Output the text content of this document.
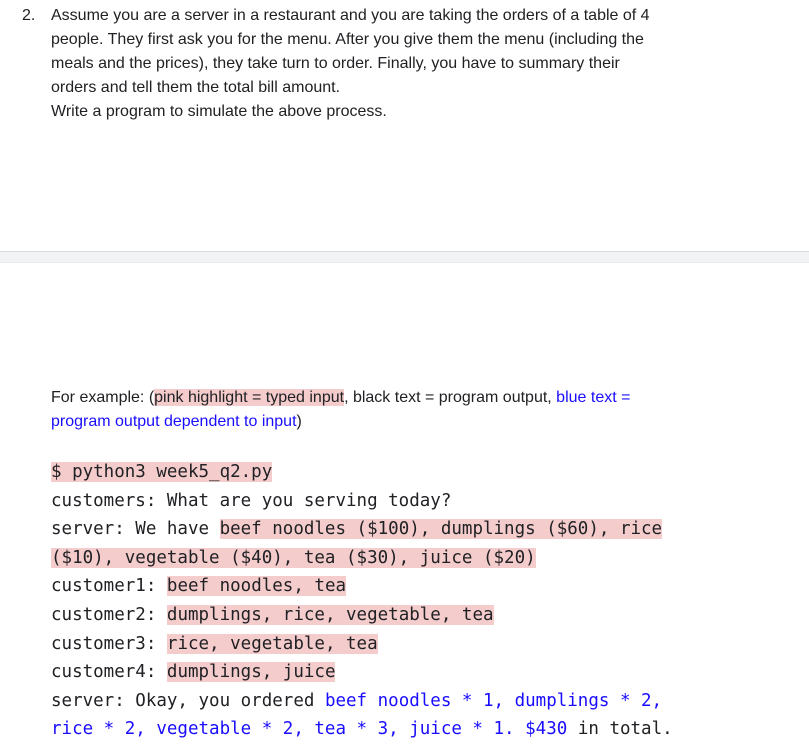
2. Assume you are a server in a restaurant and you are taking the orders of a table of 4
people. They first ask you for the menu. After you give them the menu (including the
meals and the prices), they take turn to order. Finally, you have to summary their
orders and tell them the total bill amount.
Write a program to simulate the above process.
For example: (pink highlight = typed input, black text = program output, blue text =
program output dependent to input)
$ python3 week5_q2.py
customers: What are you serving today?
server: We have beef noodles ($100), dumplings ($60), rice
($10), vegetable ($40), tea ($30), juice ($20)
customer1: beef noodles, tea
customer2: dumplings, rice, vegetable, tea
customer3: rice, vegetable, tea
customer4: dumplings, juice
server: Okay, you ordered beef noodles * 1, dumplings * 2,
rice * 2, vegetable * 2, tea * 3, juice * 1. $430 in total.
